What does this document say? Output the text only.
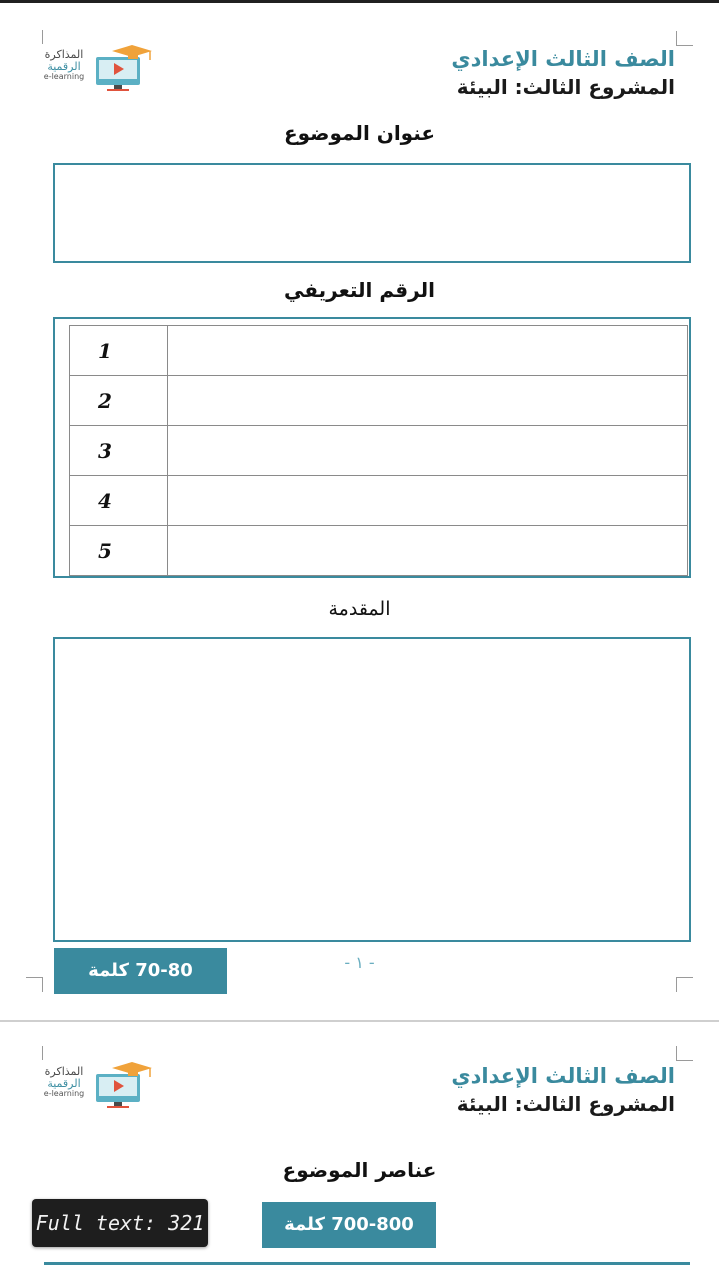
المذاكرة
الرقمية
e-learning
الصف الثالث الإعدادي
المشروع الثالث: البيئة
عنوان الموضوع
الرقم التعريفي
1	
2	
3	
4	
5	
المقدمة
70-80 كلمة	- ١ -
المذاكرة
الرقمية
e-learning
الصف الثالث الإعدادي
المشروع الثالث: البيئة
عناصر الموضوع
700-800 كلمة
Full text: 321
